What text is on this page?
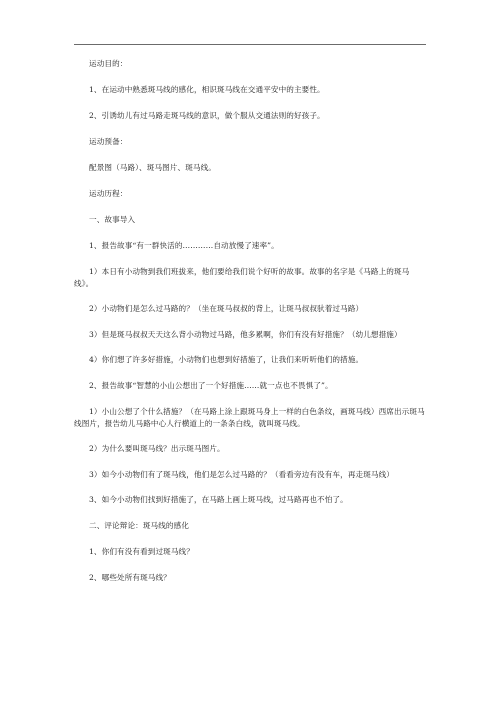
运动目的：

1、在运动中熟悉斑马线的感化，相识斑马线在交通平安中的主要性。

2、引诱幼儿有过马路走斑马线的意识，做个服从交通法则的好孩子。

运动预备：

配景图（马路）、斑马图片、斑马线。

运动历程：

一、故事导入

1、报告故事“有一群快活的…………自动放慢了速率”。

1）本日有小动物到我们班拔来，他们要给我们说个好听的故事。故事的名字是《马路上的斑马线》。

2）小动物们是怎么过马路的？（坐在斑马叔叔的背上，让斑马叔叔驮着过马路）

3）但是斑马叔叔天天这么背小动物过马路，他多累啊，你们有没有好措施？（幼儿想措施）

4）你们想了许多好措施，小动物们也想到好措施了，让我们来听听他们的措施。

2、报告故事“智慧的小山公想出了一个好措施……就一点也不畏惧了”。

1）小山公想了个什么措施？（在马路上涂上跟斑马身上一样的白色条纹，画斑马线）西席出示斑马线图片，报告幼儿马路中心人行横道上的一条条白线，就叫斑马线。

2）为什么要叫斑马线？出示斑马图片。

3）如今小动物们有了斑马线，他们是怎么过马路的？（看看旁边有没有车，再走斑马线）

3、如今小动物们找到好措施了，在马路上画上斑马线，过马路再也不怕了。

二、评论辩论：斑马线的感化

1、你们有没有看到过斑马线？

2、哪些处所有斑马线？
